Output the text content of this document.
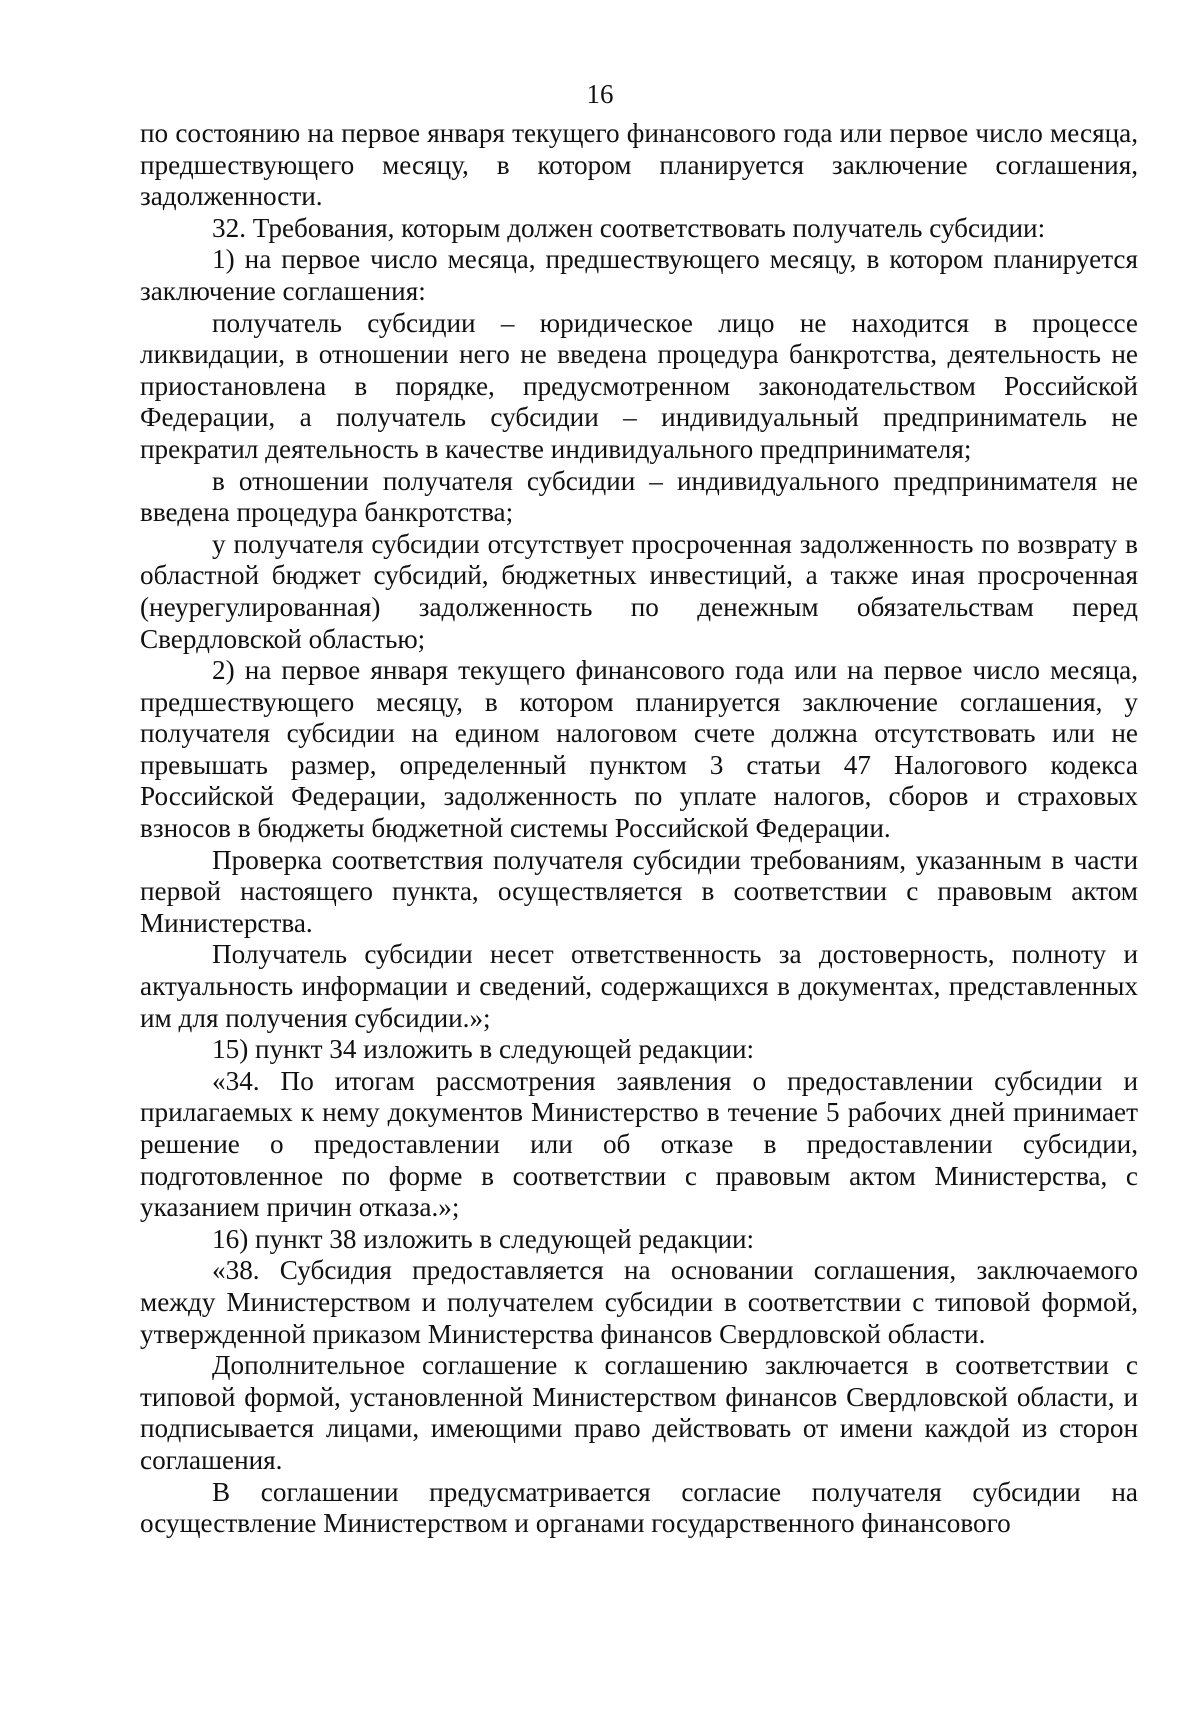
16

по состоянию на первое января текущего финансового года или первое число месяца, предшествующего месяцу, в котором планируется заключение соглашения, задолженности.

32. Требования, которым должен соответствовать получатель субсидии:

1) на первое число месяца, предшествующего месяцу, в котором планируется заключение соглашения:

получатель субсидии – юридическое лицо не находится в процессе ликвидации, в отношении него не введена процедура банкротства, деятельность не приостановлена в порядке, предусмотренном законодательством Российской Федерации, а получатель субсидии – индивидуальный предприниматель не прекратил деятельность в качестве индивидуального предпринимателя;

в отношении получателя субсидии – индивидуального предпринимателя не введена процедура банкротства;

у получателя субсидии отсутствует просроченная задолженность по возврату в областной бюджет субсидий, бюджетных инвестиций, а также иная просроченная (неурегулированная) задолженность по денежным обязательствам перед Свердловской областью;

2) на первое января текущего финансового года или на первое число месяца, предшествующего месяцу, в котором планируется заключение соглашения, у получателя субсидии на едином налоговом счете должна отсутствовать или не превышать размер, определенный пунктом 3 статьи 47 Налогового кодекса Российской Федерации, задолженность по уплате налогов, сборов и страховых взносов в бюджеты бюджетной системы Российской Федерации.

Проверка соответствия получателя субсидии требованиям, указанным в части первой настоящего пункта, осуществляется в соответствии с правовым актом Министерства.

Получатель субсидии несет ответственность за достоверность, полноту и актуальность информации и сведений, содержащихся в документах, представленных им для получения субсидии.»;

15) пункт 34 изложить в следующей редакции:

«34. По итогам рассмотрения заявления о предоставлении субсидии и прилагаемых к нему документов Министерство в течение 5 рабочих дней принимает решение о предоставлении или об отказе в предоставлении субсидии, подготовленное по форме в соответствии с правовым актом Министерства, с указанием причин отказа.»;

16) пункт 38 изложить в следующей редакции:

«38. Субсидия предоставляется на основании соглашения, заключаемого между Министерством и получателем субсидии в соответствии с типовой формой, утвержденной приказом Министерства финансов Свердловской области.

Дополнительное соглашение к соглашению заключается в соответствии с типовой формой, установленной Министерством финансов Свердловской области, и подписывается лицами, имеющими право действовать от имени каждой из сторон соглашения.

В соглашении предусматривается согласие получателя субсидии на осуществление Министерством и органами государственного финансового
